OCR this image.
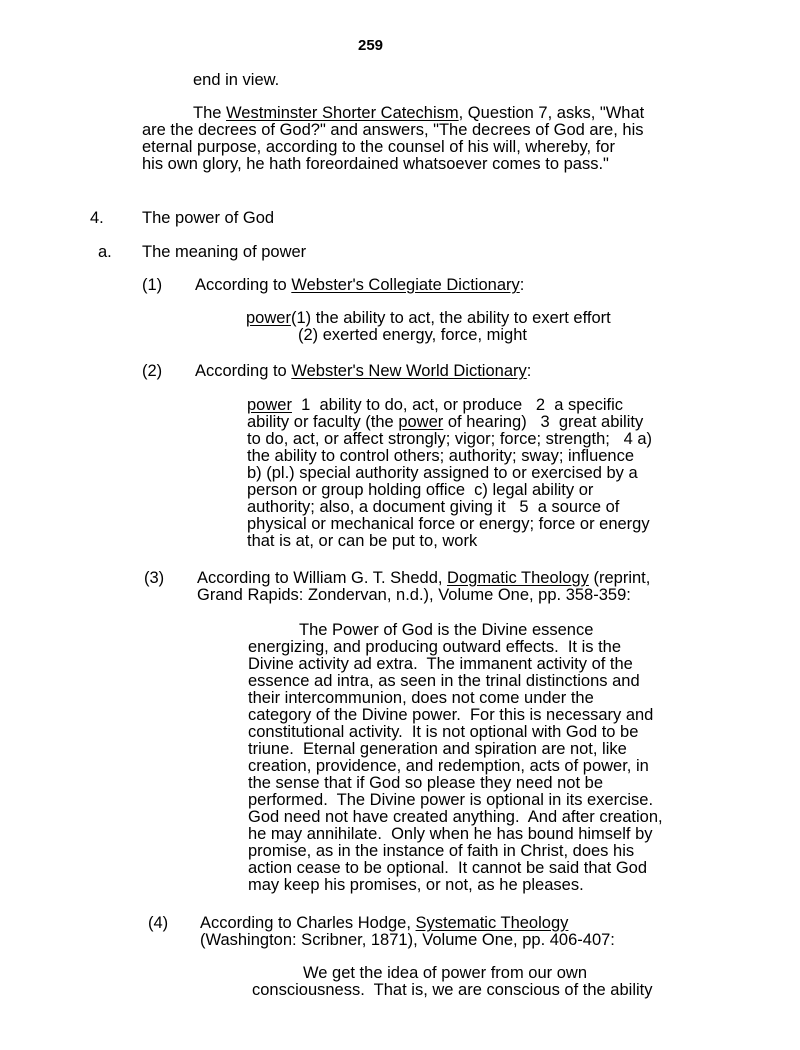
259
end in view.
The Westminster Shorter Catechism, Question 7, asks, "What
are the decrees of God?" and answers, "The decrees of God are, his
eternal purpose, according to the counsel of his will, whereby, for
his own glory, he hath foreordained whatsoever comes to pass."
4. The power of God
a. The meaning of power
(1) According to Webster's Collegiate Dictionary:
power(1) the ability to act, the ability to exert effort
(2) exerted energy, force, might
(2) According to Webster's New World Dictionary:
power  1  ability to do, act, or produce   2  a specific
ability or faculty (the power of hearing)   3  great ability
to do, act, or affect strongly; vigor; force; strength;   4 a)
the ability to control others; authority; sway; influence
b) (pl.) special authority assigned to or exercised by a
person or group holding office  c) legal ability or
authority; also, a document giving it   5  a source of
physical or mechanical force or energy; force or energy
that is at, or can be put to, work
(3) According to William G. T. Shedd, Dogmatic Theology (reprint,
Grand Rapids: Zondervan, n.d.), Volume One, pp. 358-359:
The Power of God is the Divine essence
energizing, and producing outward effects.  It is the
Divine activity ad extra.  The immanent activity of the
essence ad intra, as seen in the trinal distinctions and
their intercommunion, does not come under the
category of the Divine power.  For this is necessary and
constitutional activity.  It is not optional with God to be
triune.  Eternal generation and spiration are not, like
creation, providence, and redemption, acts of power, in
the sense that if God so please they need not be
performed.  The Divine power is optional in its exercise.
God need not have created anything.  And after creation,
he may annihilate.  Only when he has bound himself by
promise, as in the instance of faith in Christ, does his
action cease to be optional.  It cannot be said that God
may keep his promises, or not, as he pleases.
(4) According to Charles Hodge, Systematic Theology
(Washington: Scribner, 1871), Volume One, pp. 406-407:
We get the idea of power from our own
consciousness.  That is, we are conscious of the ability
